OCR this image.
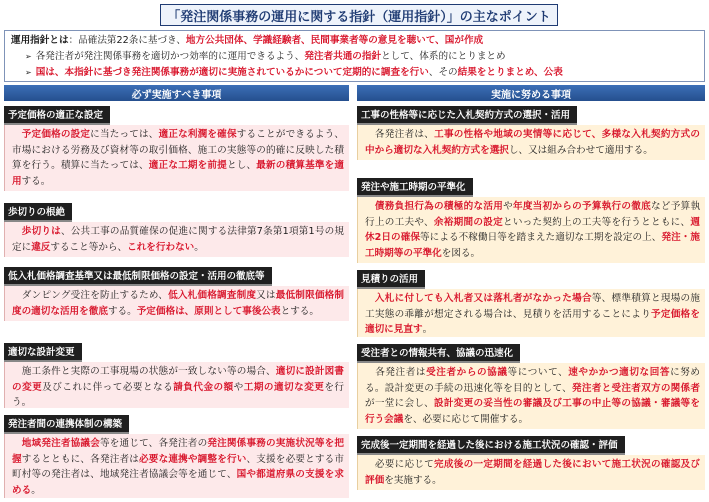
「発注関係事務の運用に関する指針（運用指針）」の主なポイント
運用指針とは：品確法第22条に基づき、地方公共団体、学識経験者、民間事業者等の意見を聴いて、国が作成
➢ 各発注者が発注関係事務を適切かつ効率的に運用できるよう、発注者共通の指針として、体系的にとりまとめ
➢ 国は、本指針に基づき発注関係事務が適切に実施されているかについて定期的に調査を行い、その結果をとりまとめ、公表
必ず実施すべき事項	実施に努める事項
予定価格の適正な設定
　予定価格の設定に当たっては、適正な利潤を確保することができるよう、市場における労務及び資材等の取引価格、施工の実態等の的確に反映した積算を行う。積算に当たっては、適正な工期を前提とし、最新の積算基準を適用する。
歩切りの根絶
　歩切りは、公共工事の品質確保の促進に関する法律第7条第1項第1号の規定に違反すること等から、これを行わない。
低入札価格調査基準又は最低制限価格の設定・活用の徹底等
　ダンピング受注を防止するため、低入札価格調査制度又は最低制限価格制度の適切な活用を徹底する。予定価格は、原則として事後公表とする。
適切な設計変更
　施工条件と実際の工事現場の状態が一致しない等の場合、適切に設計図書の変更及びこれに伴って必要となる請負代金の額や工期の適切な変更を行う。
発注者間の連携体制の構築
　地域発注者協議会等を通じて、各発注者の発注関係事務の実施状況等を把握するとともに、各発注者は必要な連携や調整を行い、支援を必要とする市町村等の発注者は、地域発注者協議会等を通じて、国や都道府県の支援を求める。
工事の性格等に応じた入札契約方式の選択・活用
　各発注者は、工事の性格や地域の実情等に応じて、多様な入札契約方式の中から適切な入札契約方式を選択し、又は組み合わせて適用する。
発注や施工時期の平準化
　債務負担行為の積極的な活用や年度当初からの予算執行の徹底など予算執行上の工夫や、余裕期間の設定といった契約上の工夫等を行うとともに、週休2日の確保等による不稼働日等を踏まえた適切な工期を設定の上、発注・施工時期等の平準化を図る。
見積りの活用
　入札に付しても入札者又は落札者がなかった場合等、標準積算と現場の施工実態の乖離が想定される場合は、見積りを活用することにより予定価格を適切に見直す。
受注者との情報共有、協議の迅速化
　各発注者は受注者からの協議等について、速やかかつ適切な回答に努める。設計変更の手続の迅速化等を目的として、発注者と受注者双方の関係者が一堂に会し、設計変更の妥当性の審議及び工事の中止等の協議・審議等を行う会議を、必要に応じて開催する。
完成後一定期間を経過した後における施工状況の確認・評価
　必要に応じて完成後の一定期間を経過した後において施工状況の確認及び評価を実施する。
